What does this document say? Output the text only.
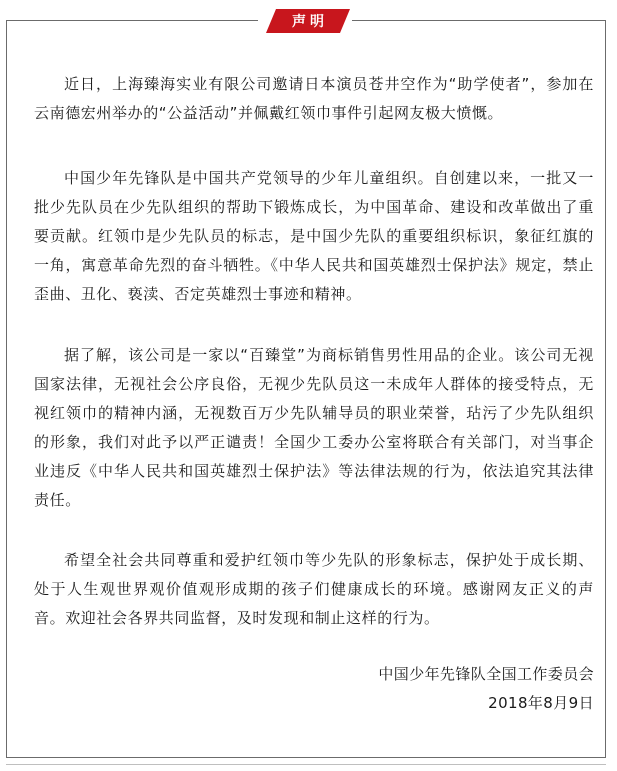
声明

近日，上海臻海实业有限公司邀请日本演员苍井空作为“助学使者”，参加在云南德宏州举办的“公益活动”并佩戴红领巾事件引起网友极大愤慨。

中国少年先锋队是中国共产党领导的少年儿童组织。自创建以来，一批又一批少先队员在少先队组织的帮助下锻炼成长，为中国革命、建设和改革做出了重要贡献。红领巾是少先队员的标志，是中国少先队的重要组织标识，象征红旗的一角，寓意革命先烈的奋斗牺牲。《中华人民共和国英雄烈士保护法》规定，禁止歪曲、丑化、亵渎、否定英雄烈士事迹和精神。

据了解，该公司是一家以“百臻堂”为商标销售男性用品的企业。该公司无视国家法律，无视社会公序良俗，无视少先队员这一未成年人群体的接受特点，无视红领巾的精神内涵，无视数百万少先队辅导员的职业荣誉，玷污了少先队组织的形象，我们对此予以严正谴责！全国少工委办公室将联合有关部门，对当事企业违反《中华人民共和国英雄烈士保护法》等法律法规的行为，依法追究其法律责任。

希望全社会共同尊重和爱护红领巾等少先队的形象标志，保护处于成长期、处于人生观世界观价值观形成期的孩子们健康成长的环境。感谢网友正义的声音。欢迎社会各界共同监督，及时发现和制止这样的行为。

中国少年先锋队全国工作委员会
2018年8月9日
